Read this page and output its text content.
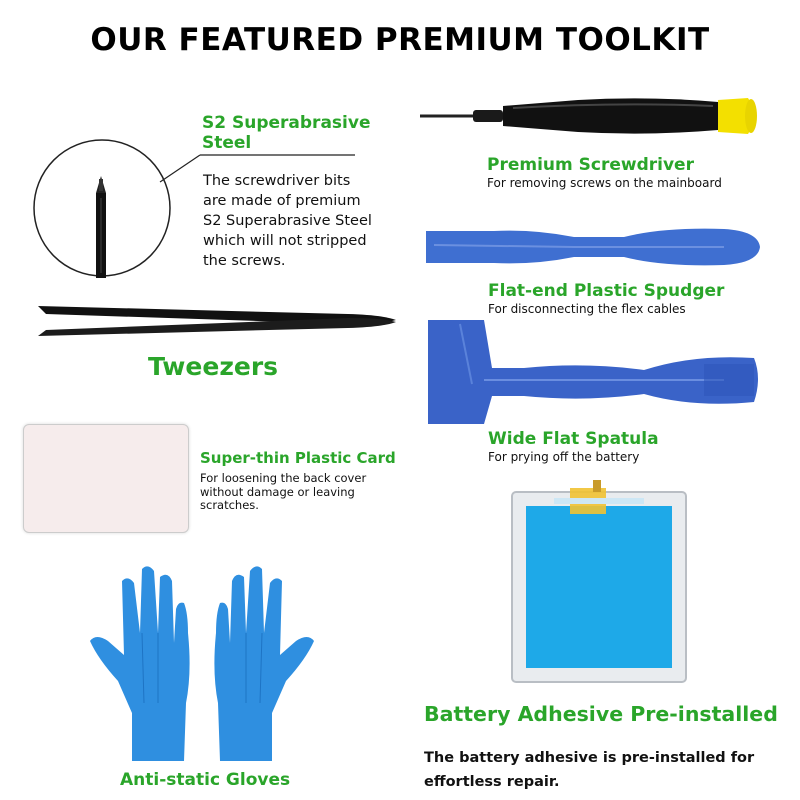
OUR FEATURED PREMIUM TOOLKIT
S2 Superabrasive
Steel
The screwdriver bits
are made of premium
S2 Superabrasive Steel
which will not stripped
the screws.
Premium Screwdriver
For removing screws on the mainboard
Tweezers
Flat-end Plastic Spudger
For disconnecting the flex cables
Wide Flat Spatula
For prying off the battery
Super-thin Plastic Card
For loosening the back cover
without damage or leaving
scratches.
Battery Adhesive Pre-installed
The battery adhesive is pre-installed for
effortless repair.
Anti-static Gloves
